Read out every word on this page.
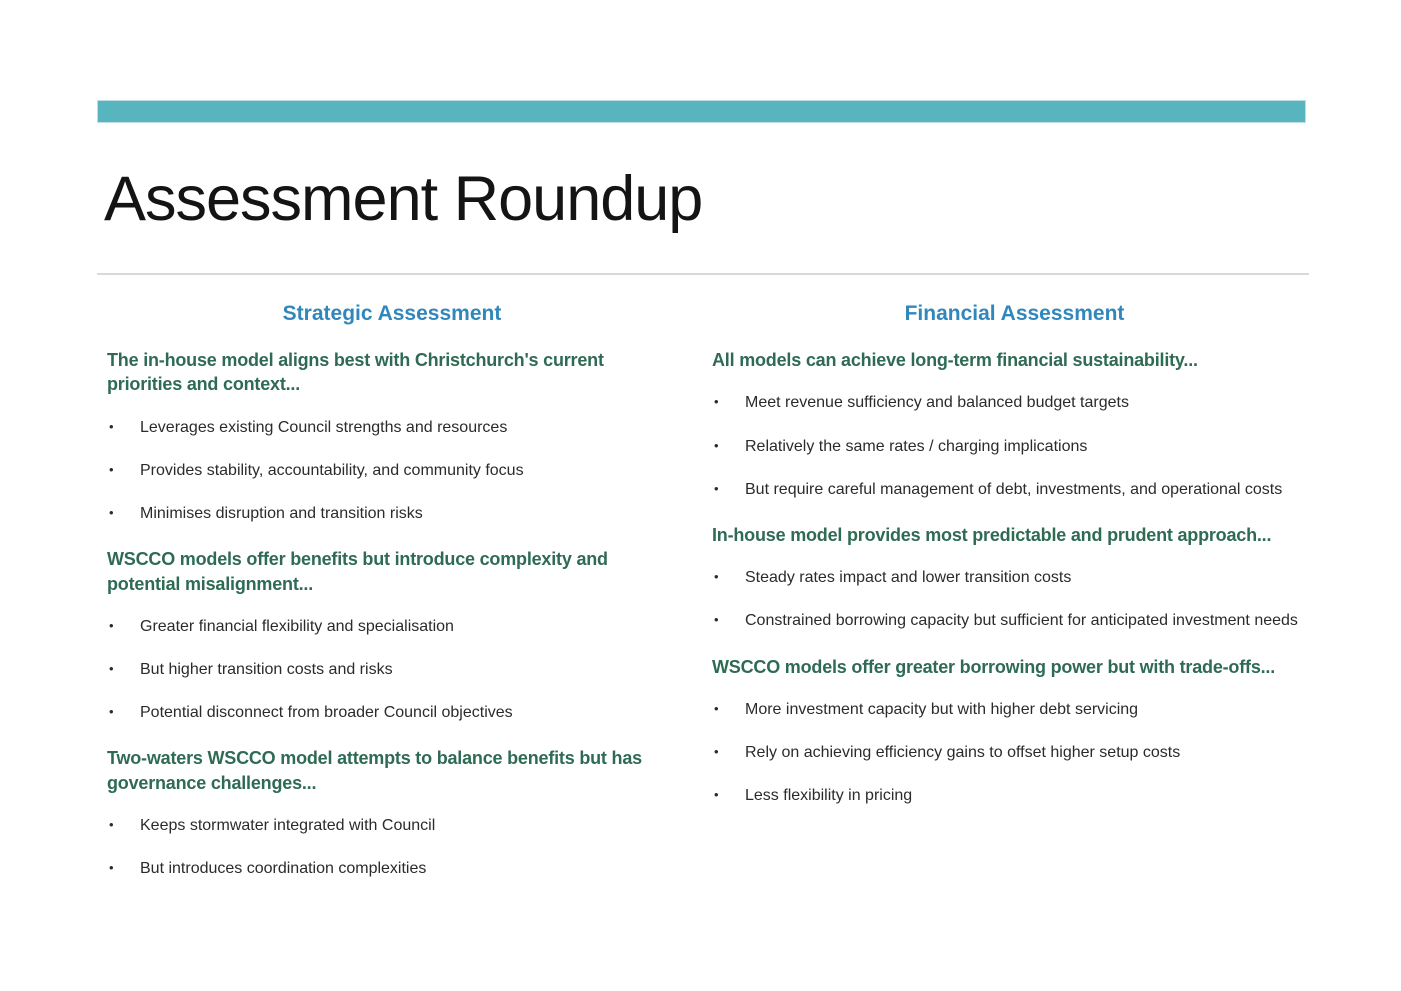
Assessment Roundup
Strategic Assessment
The in-house model aligns best with Christchurch's current priorities and context...
• Leverages existing Council strengths and resources
• Provides stability, accountability, and community focus
• Minimises disruption and transition risks
WSCCO models offer benefits but introduce complexity and potential misalignment...
• Greater financial flexibility and specialisation
• But higher transition costs and risks
• Potential disconnect from broader Council objectives
Two-waters WSCCO model attempts to balance benefits but has governance challenges...
• Keeps stormwater integrated with Council
• But introduces coordination complexities
Financial Assessment
All models can achieve long-term financial sustainability...
• Meet revenue sufficiency and balanced budget targets
• Relatively the same rates / charging implications
• But require careful management of debt, investments, and operational costs
In-house model provides most predictable and prudent approach...
• Steady rates impact and lower transition costs
• Constrained borrowing capacity but sufficient for anticipated investment needs
WSCCO models offer greater borrowing power but with trade-offs...
• More investment capacity but with higher debt servicing
• Rely on achieving efficiency gains to offset higher setup costs
• Less flexibility in pricing
